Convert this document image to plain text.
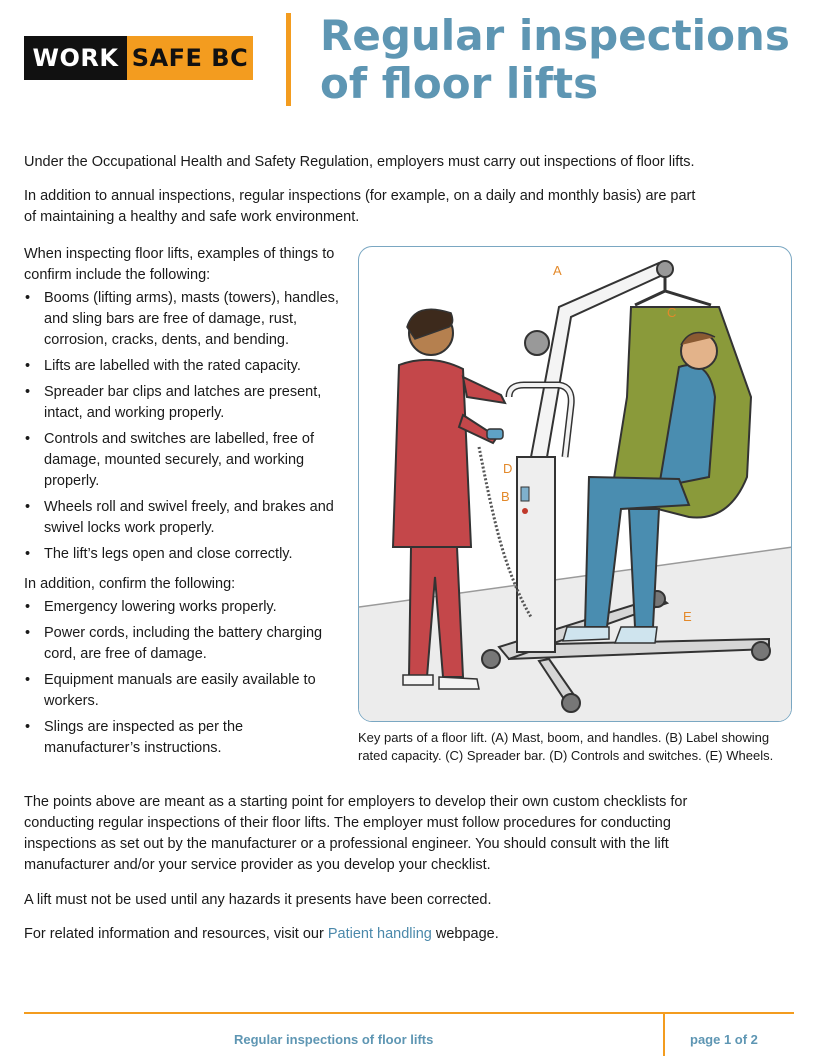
WORK SAFE BC Regular inspections
of floor lifts

Under the Occupational Health and Safety Regulation, employers must carry out inspections of floor lifts.

In addition to annual inspections, regular inspections (for example, on a daily and monthly basis) are part
of maintaining a healthy and safe work environment.

When inspecting floor lifts, examples of things to confirm include the following:

• Booms (lifting arms), masts (towers), handles, and sling bars are free of damage, rust, corrosion, cracks, dents, and bending.
• Lifts are labelled with the rated capacity.
• Spreader bar clips and latches are present, intact, and working properly.
• Controls and switches are labelled, free of damage, mounted securely, and working properly.
• Wheels roll and swivel freely, and brakes and swivel locks work properly.
• The lift’s legs open and close correctly.

In addition, confirm the following:

• Emergency lowering works properly.
• Power cords, including the battery charging cord, are free of damage.
• Equipment manuals are easily available to workers.
• Slings are inspected as per the manufacturer’s instructions.
A
B
C
D
E
Key parts of a floor lift. (A) Mast, boom, and handles. (B) Label showing rated capacity. (C) Spreader bar. (D) Controls and switches. (E) Wheels.
The points above are meant as a starting point for employers to develop their own custom checklists for
conducting regular inspections of their floor lifts. The employer must follow procedures for conducting
inspections as set out by the manufacturer or a professional engineer. You should consult with the lift
manufacturer and/or your service provider as you develop your checklist.

A lift must not be used until any hazards it presents have been corrected.

For related information and resources, visit our Patient handling webpage.

Regular inspections of floor lifts	page 1 of 2
